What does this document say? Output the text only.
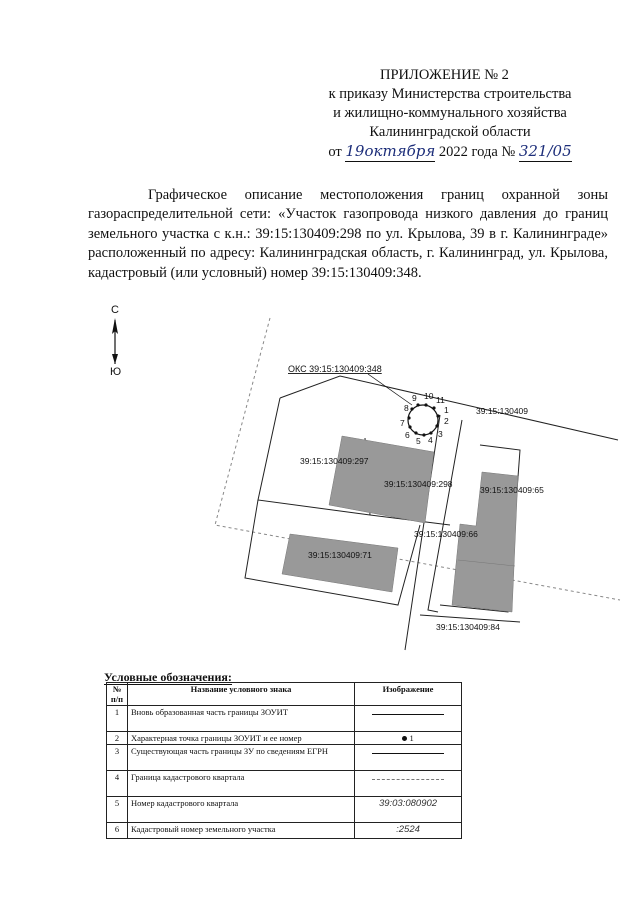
ПРИЛОЖЕНИЕ № 2
к приказу Министерства строительства
и жилищно-коммунального хозяйства
Калининградской области
от 19октября 2022 года № 321/05
Графическое описание местоположения границ охранной зоны газораспределительной сети: «Участок газопровода низкого давления до границ земельного участка с к.н.: 39:15:130409:298 по ул. Крылова, 39 в г. Калининграде» расположенный по адресу: Калининградская область, г. Калининград, ул. Крылова, кадастровый (или условный) номер 39:15:130409:348.
С
Ю	ОКС 39:15:130409:348
39:15:130409
39:15:130409:297
39:15:130409:298
39:15:130409:65
39:15:130409:66
39:15:130409:71
39:15:130409:84
1
2
3
4
5
6
7
8
9 10 11
Условные обозначения:
№ п/п	Название условного знака	Изображение
1	Вновь образованная часть границы ЗОУИТ	
2	Характерная точка границы ЗОУИТ и ее номер	1
3	Существующая часть границы ЗУ по сведениям ЕГРН	
4	Граница кадастрового квартала	
5	Номер кадастрового квартала	39:03:080902
6	Кадастровый номер земельного участка	:2524
